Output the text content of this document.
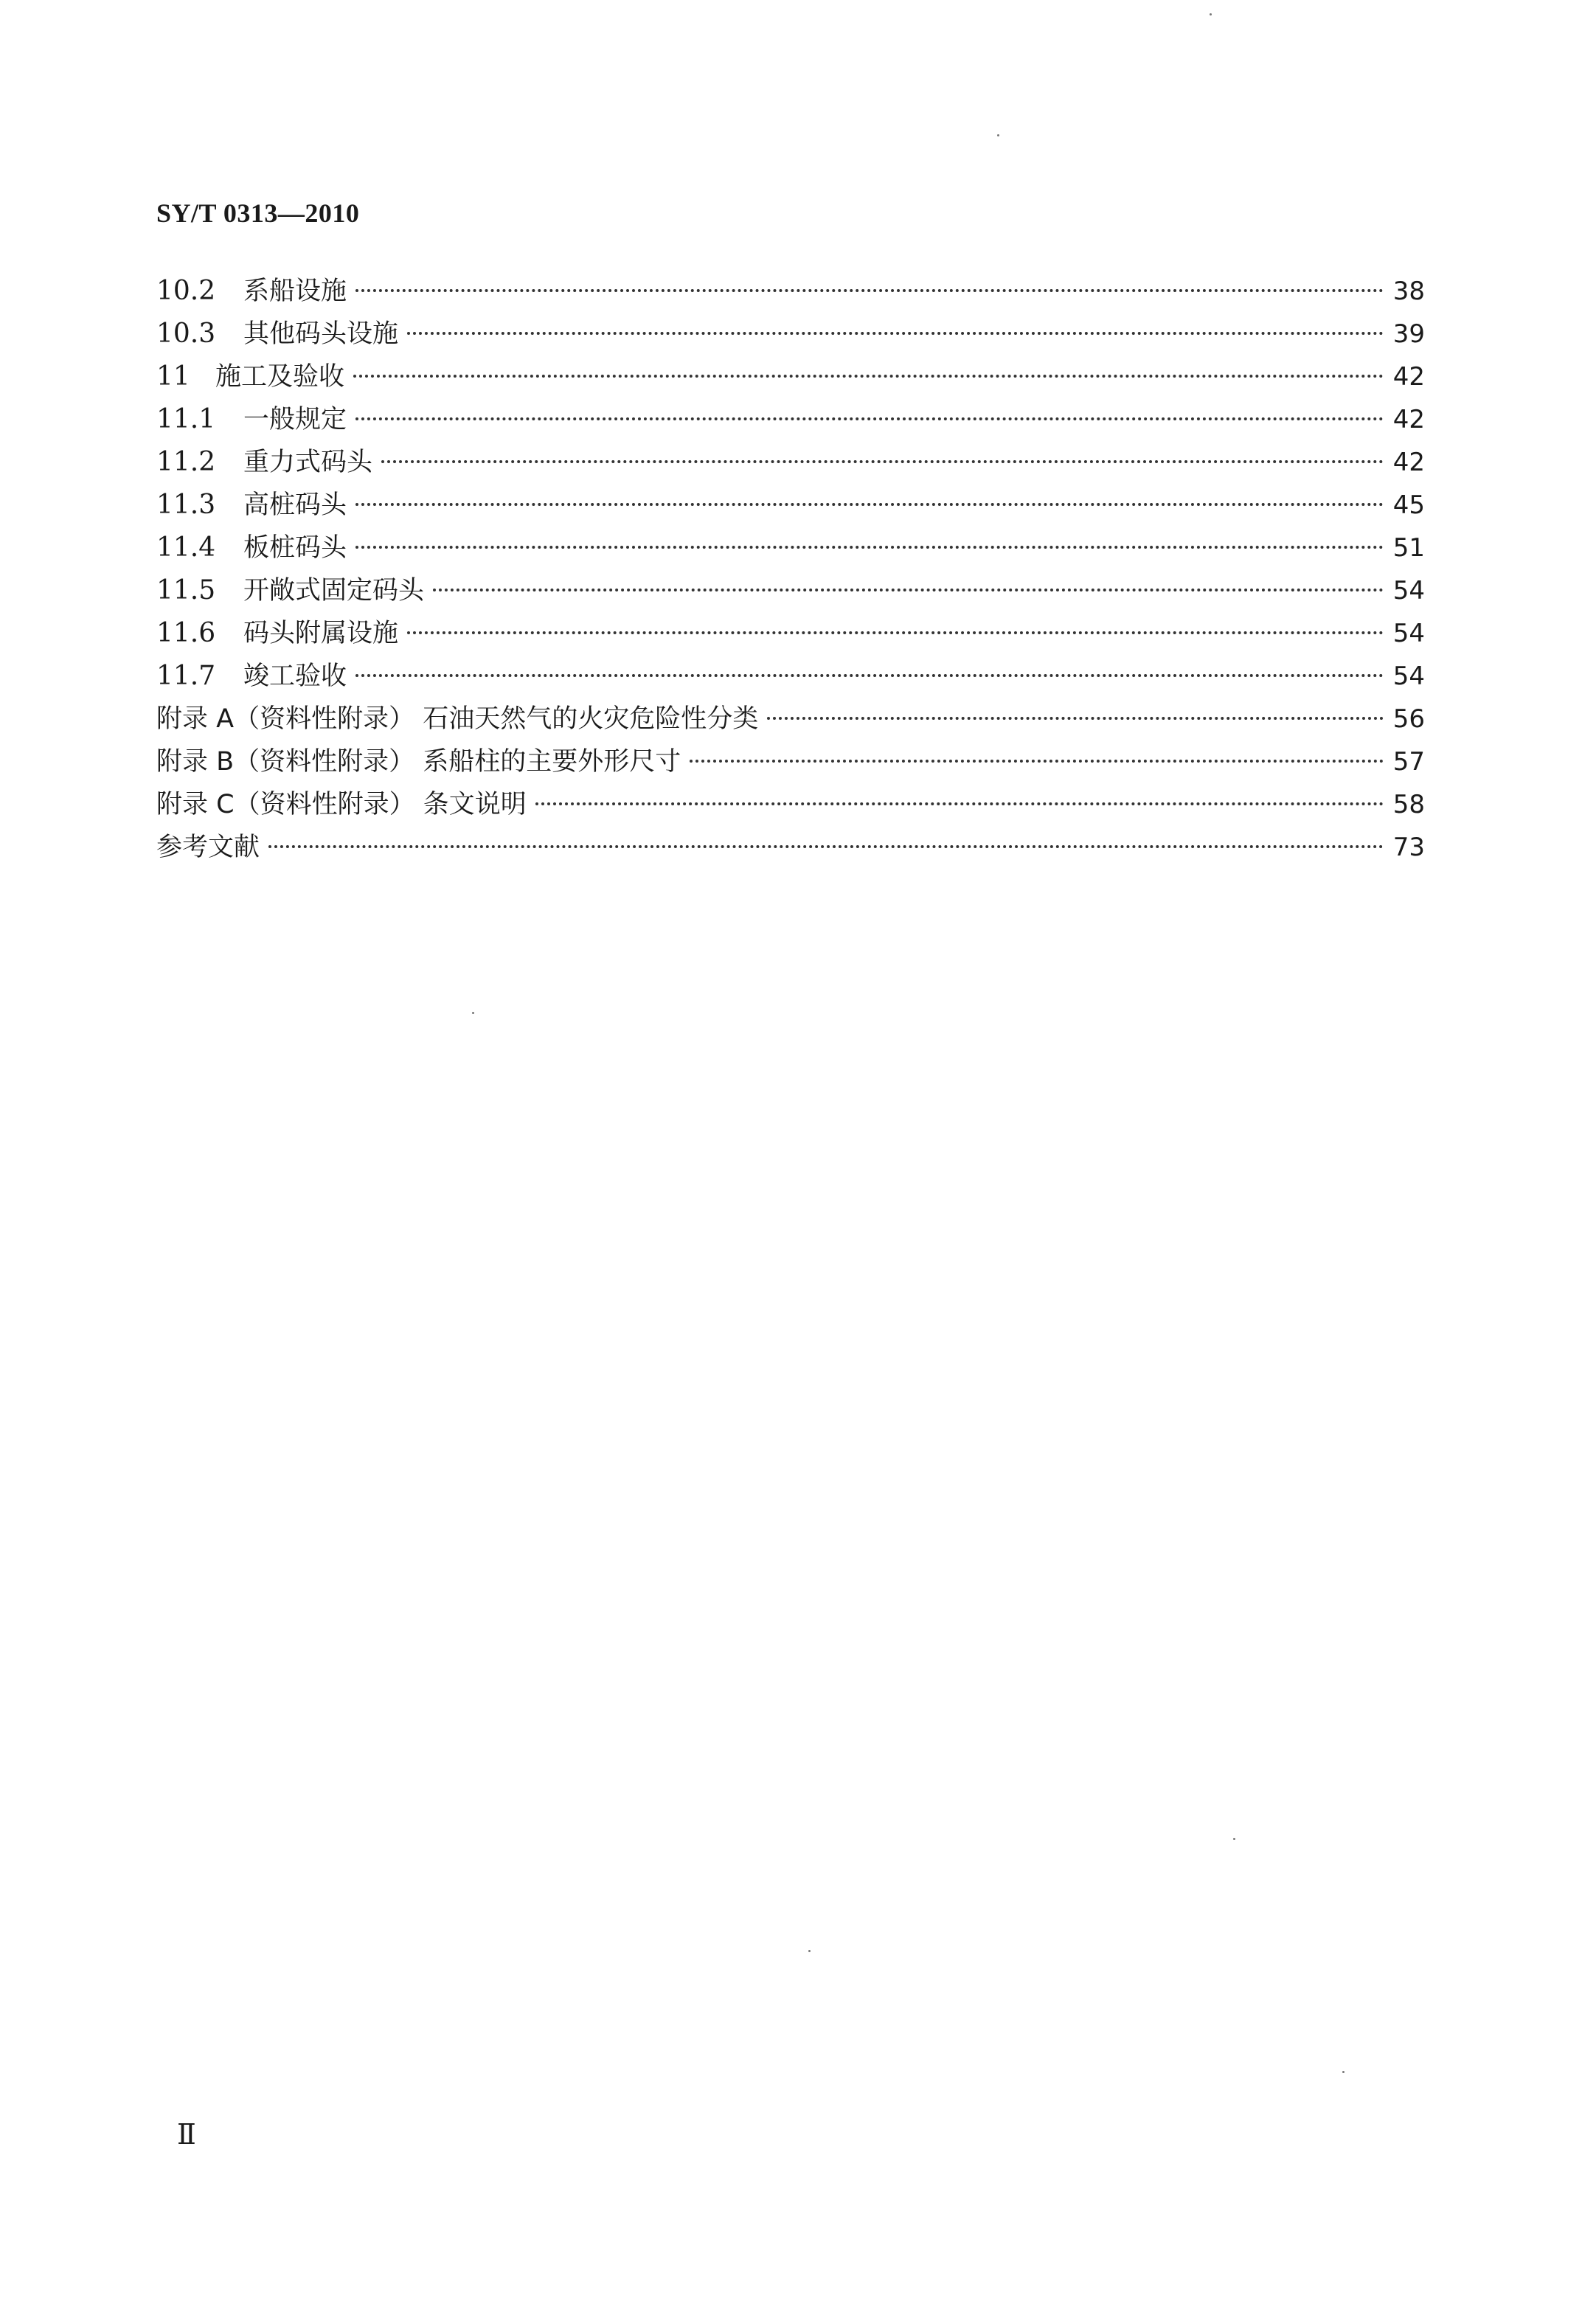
SY/T 0313—2010
10.2	系船设施	38
10.3	其他码头设施	39
11 施工及验收	42
11.1	一般规定	42
11.2	重力式码头	42
11.3	高桩码头	45
11.4	板桩码头	51
11.5	开敞式固定码头	54
11.6	码头附属设施	54
11.7	竣工验收	54
附录 A（资料性附录） 石油天然气的火灾危险性分类	56
附录 B（资料性附录） 系船柱的主要外形尺寸	57
附录 C（资料性附录） 条文说明	58
参考文献	73
Ⅱ
